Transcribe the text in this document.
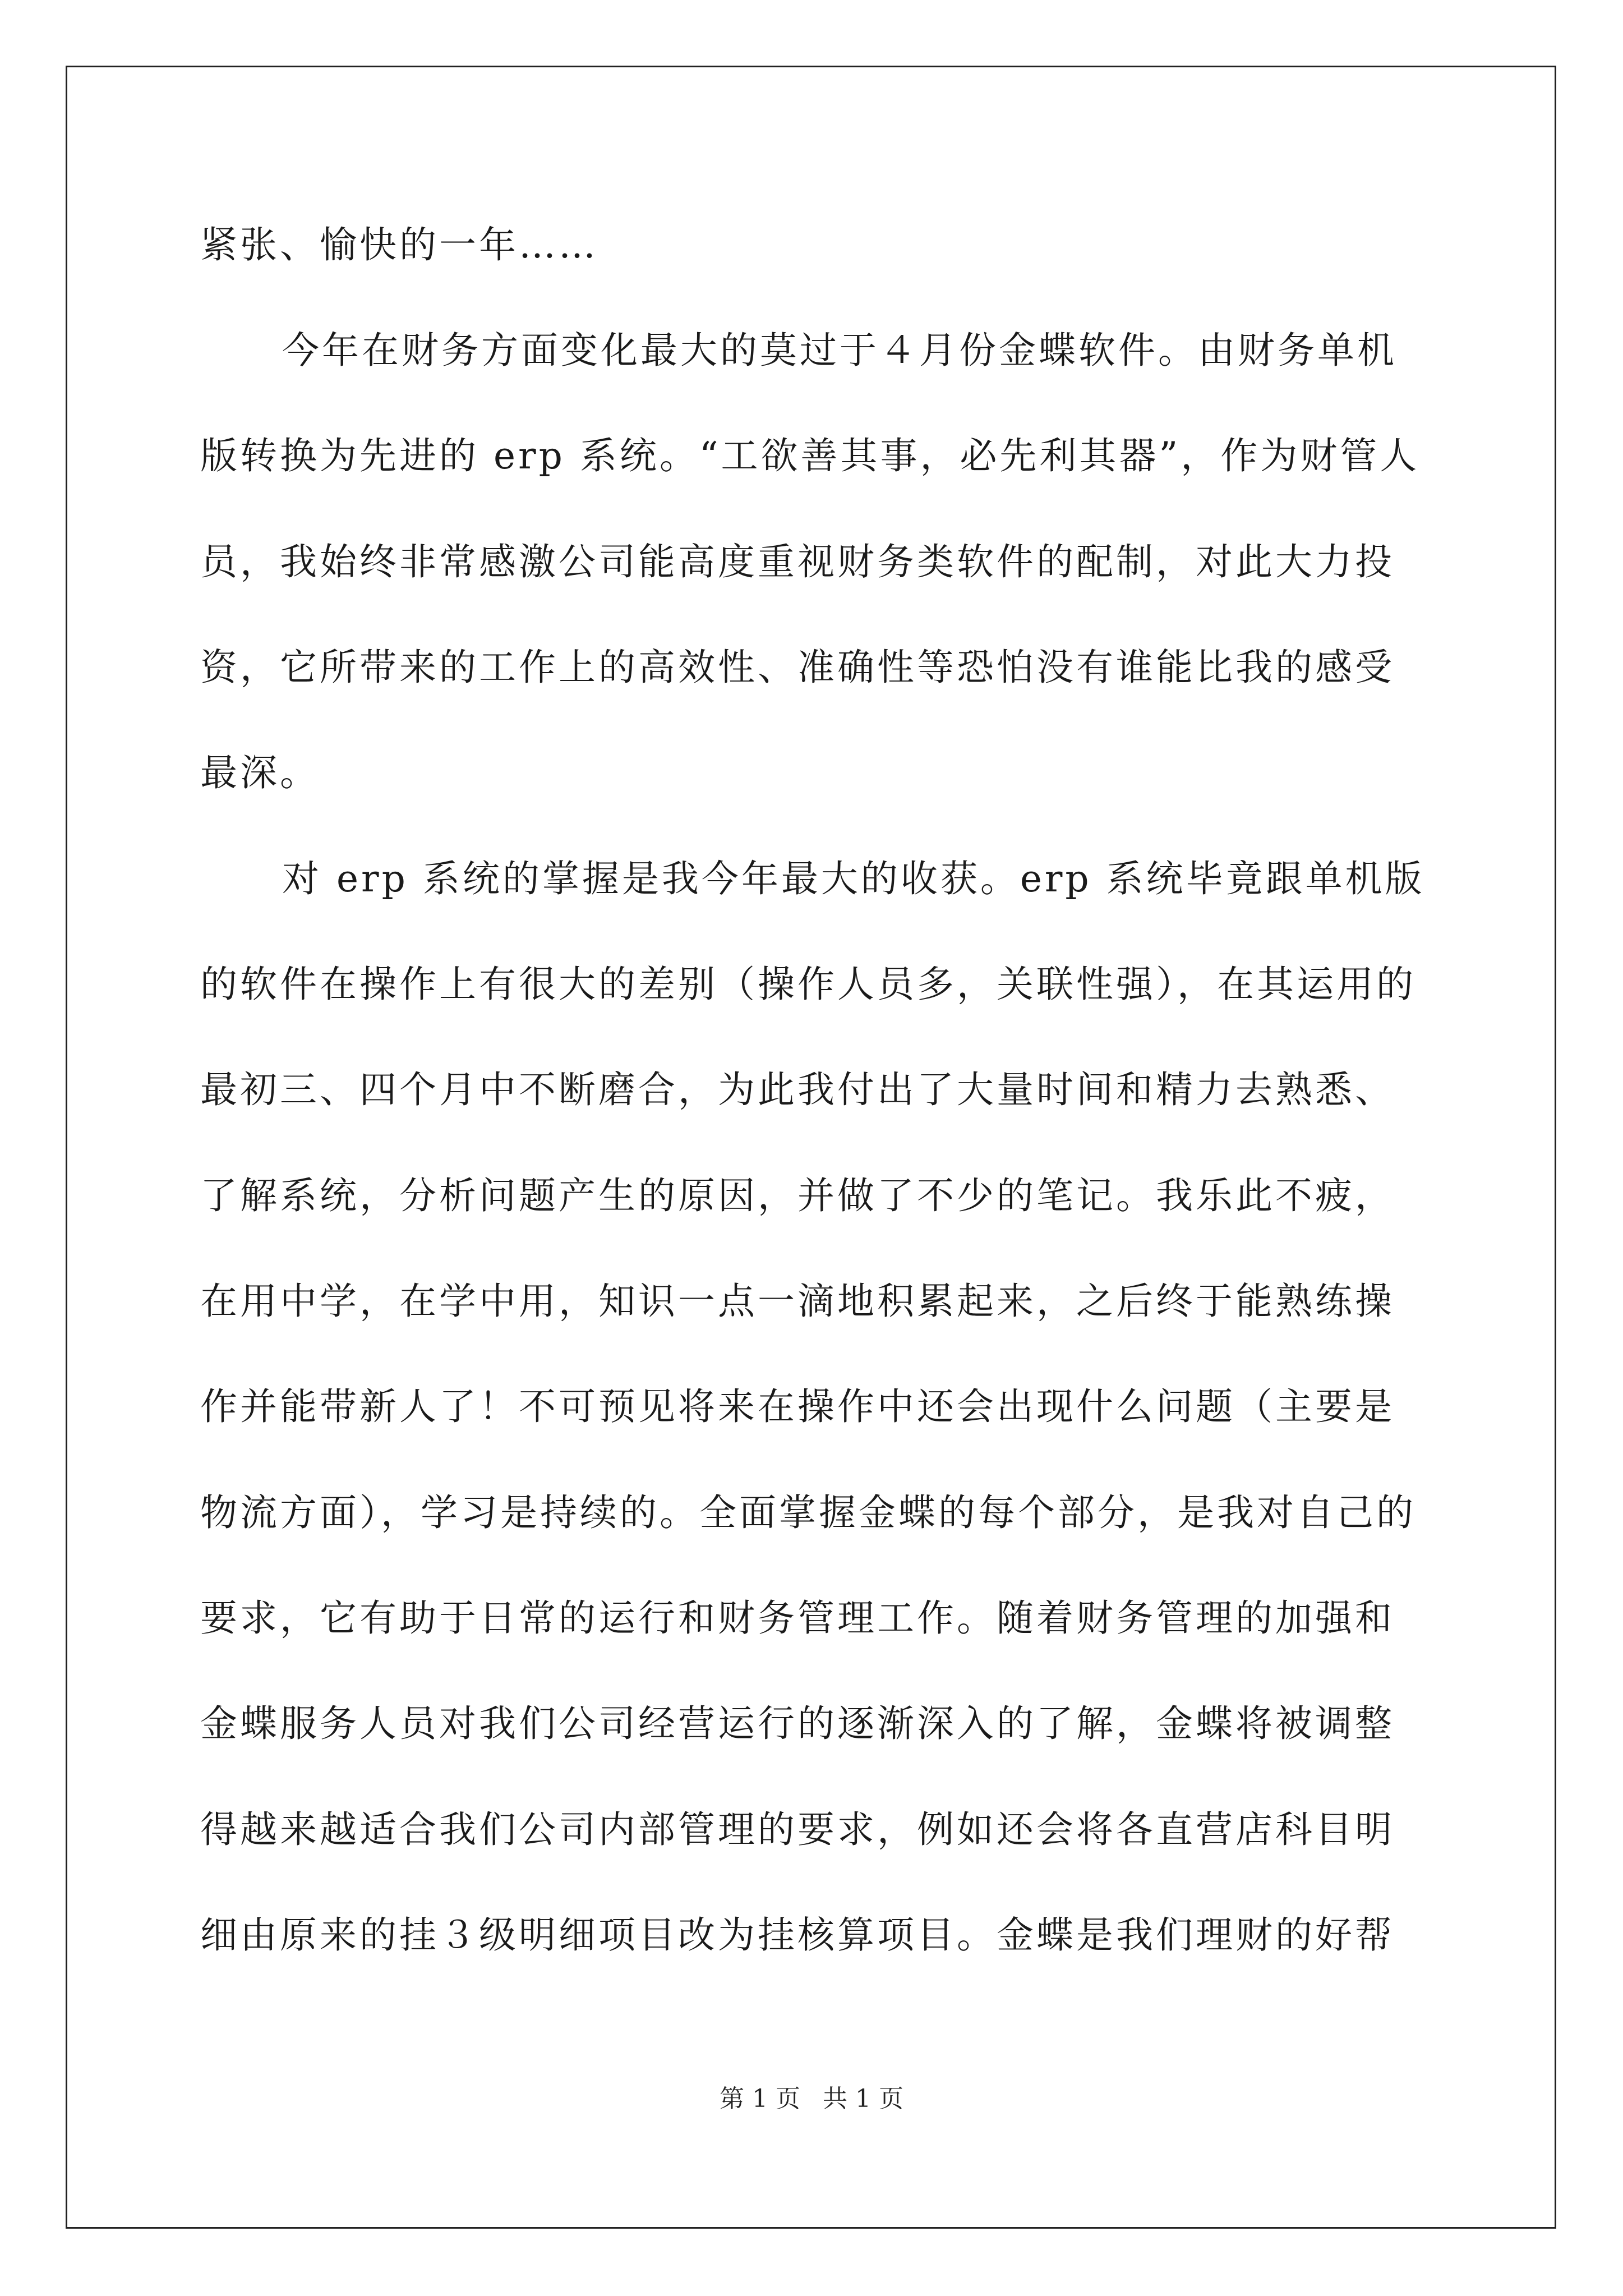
紧张、愉快的一年……
今年在财务方面变化最大的莫过于４月份金蝶软件。由财务单机
版转换为先进的 erp 系统。“工欲善其事，必先利其器”，作为财管人
员，我始终非常感激公司能高度重视财务类软件的配制，对此大力投
资，它所带来的工作上的高效性、准确性等恐怕没有谁能比我的感受
最深。
对 erp 系统的掌握是我今年最大的收获。erp 系统毕竟跟单机版
的软件在操作上有很大的差别（操作人员多，关联性强），在其运用的
最初三、四个月中不断磨合，为此我付出了大量时间和精力去熟悉、
了解系统，分析问题产生的原因，并做了不少的笔记。我乐此不疲，
在用中学，在学中用，知识一点一滴地积累起来，之后终于能熟练操
作并能带新人了！不可预见将来在操作中还会出现什么问题（主要是
物流方面），学习是持续的。全面掌握金蝶的每个部分，是我对自己的
要求，它有助于日常的运行和财务管理工作。随着财务管理的加强和
金蝶服务人员对我们公司经营运行的逐渐深入的了解，金蝶将被调整
得越来越适合我们公司内部管理的要求，例如还会将各直营店科目明
细由原来的挂３级明细项目改为挂核算项目。金蝶是我们理财的好帮
第 1 页 共 1 页
